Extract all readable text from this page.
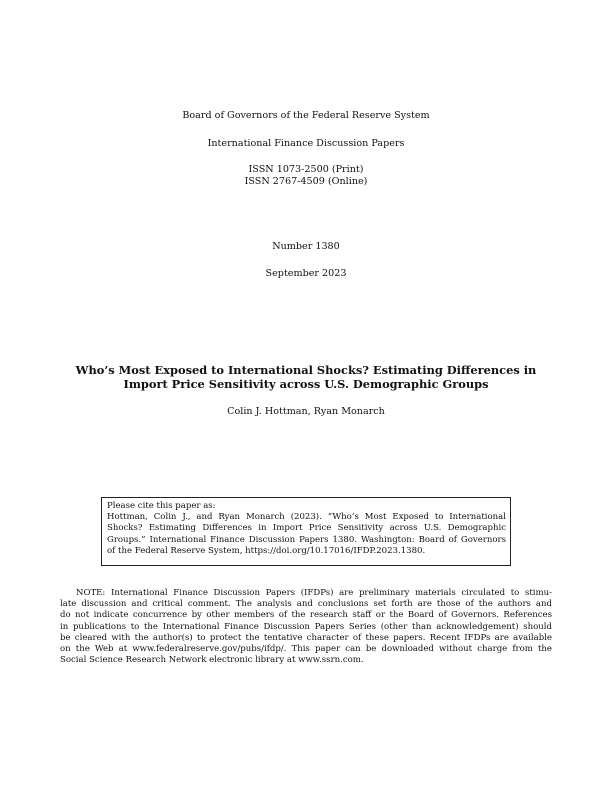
Board of Governors of the Federal Reserve System
International Finance Discussion Papers
ISSN 1073-2500 (Print)
ISSN 2767-4509 (Online)
Number 1380
September 2023
Who’s Most Exposed to International Shocks? Estimating Differences in
Import Price Sensitivity across U.S. Demographic Groups
Colin J. Hottman, Ryan Monarch
Please cite this paper as:
Hottman, Colin J., and Ryan Monarch (2023). “Who’s Most Exposed to International
Shocks? Estimating Differences in Import Price Sensitivity across U.S. Demographic
Groups.” International Finance Discussion Papers 1380. Washington: Board of Governors
of the Federal Reserve System, https://doi.org/10.17016/IFDP.2023.1380.
NOTE: International Finance Discussion Papers (IFDPs) are preliminary materials circulated to stimu-
late discussion and critical comment. The analysis and conclusions set forth are those of the authors and
do not indicate concurrence by other members of the research staff or the Board of Governors. References
in publications to the International Finance Discussion Papers Series (other than acknowledgement) should
be cleared with the author(s) to protect the tentative character of these papers. Recent IFDPs are available
on the Web at www.federalreserve.gov/pubs/ifdp/. This paper can be downloaded without charge from the
Social Science Research Network electronic library at www.ssrn.com.
